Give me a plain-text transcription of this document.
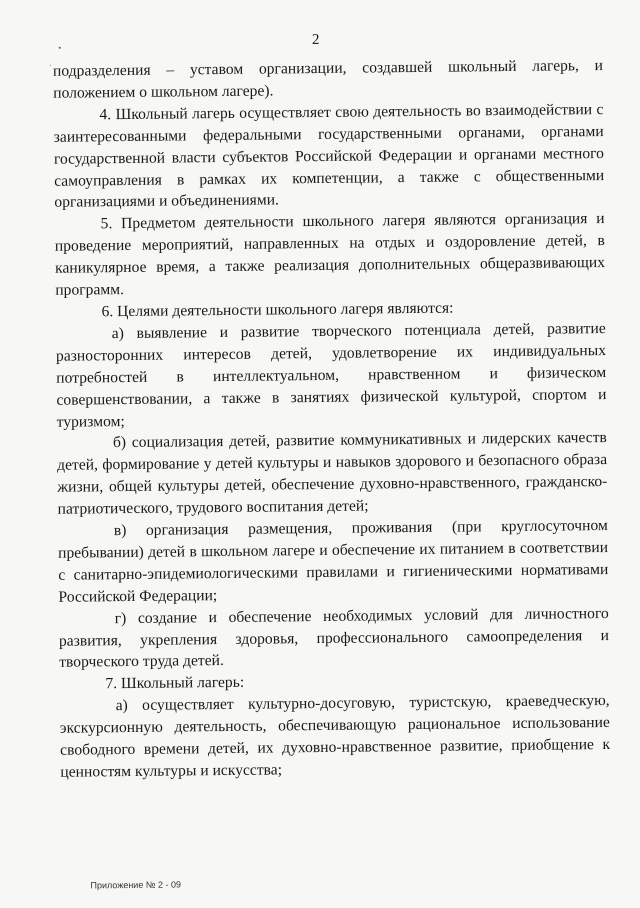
2

подразделения – уставом организации, создавшей школьный лагерь, и положением о школьном лагере).

4. Школьный лагерь осуществляет свою деятельность во взаимодействии с заинтересованными федеральными государственными органами, органами государственной власти субъектов Российской Федерации и органами местного самоуправления в рамках их компетенции, а также с общественными организациями и объединениями.

5. Предметом деятельности школьного лагеря являются организация и проведение мероприятий, направленных на отдых и оздоровление детей, в каникулярное время, а также реализация дополнительных общеразвивающих программ.

6. Целями деятельности школьного лагеря являются:

а) выявление и развитие творческого потенциала детей, развитие разносторонних интересов детей, удовлетворение их индивидуальных потребностей в интеллектуальном, нравственном и физическом совершенствовании, а также в занятиях физической культурой, спортом и туризмом;

б) социализация детей, развитие коммуникативных и лидерских качеств детей, формирование у детей культуры и навыков здорового и безопасного образа жизни, общей культуры детей, обеспечение духовно-нравственного, гражданско-патриотического, трудового воспитания детей;

в) организация размещения, проживания (при круглосуточном пребывании) детей в школьном лагере и обеспечение их питанием в соответствии с санитарно-эпидемиологическими правилами и гигиеническими нормативами Российской Федерации;

г) создание и обеспечение необходимых условий для личностного развития, укрепления здоровья, профессионального самоопределения и творческого труда детей.

7. Школьный лагерь:

а) осуществляет культурно-досуговую, туристскую, краеведческую, экскурсионную деятельность, обеспечивающую рациональное использование свободного времени детей, их духовно-нравственное развитие, приобщение к ценностям культуры и искусства;

Приложение № 2 - 09
